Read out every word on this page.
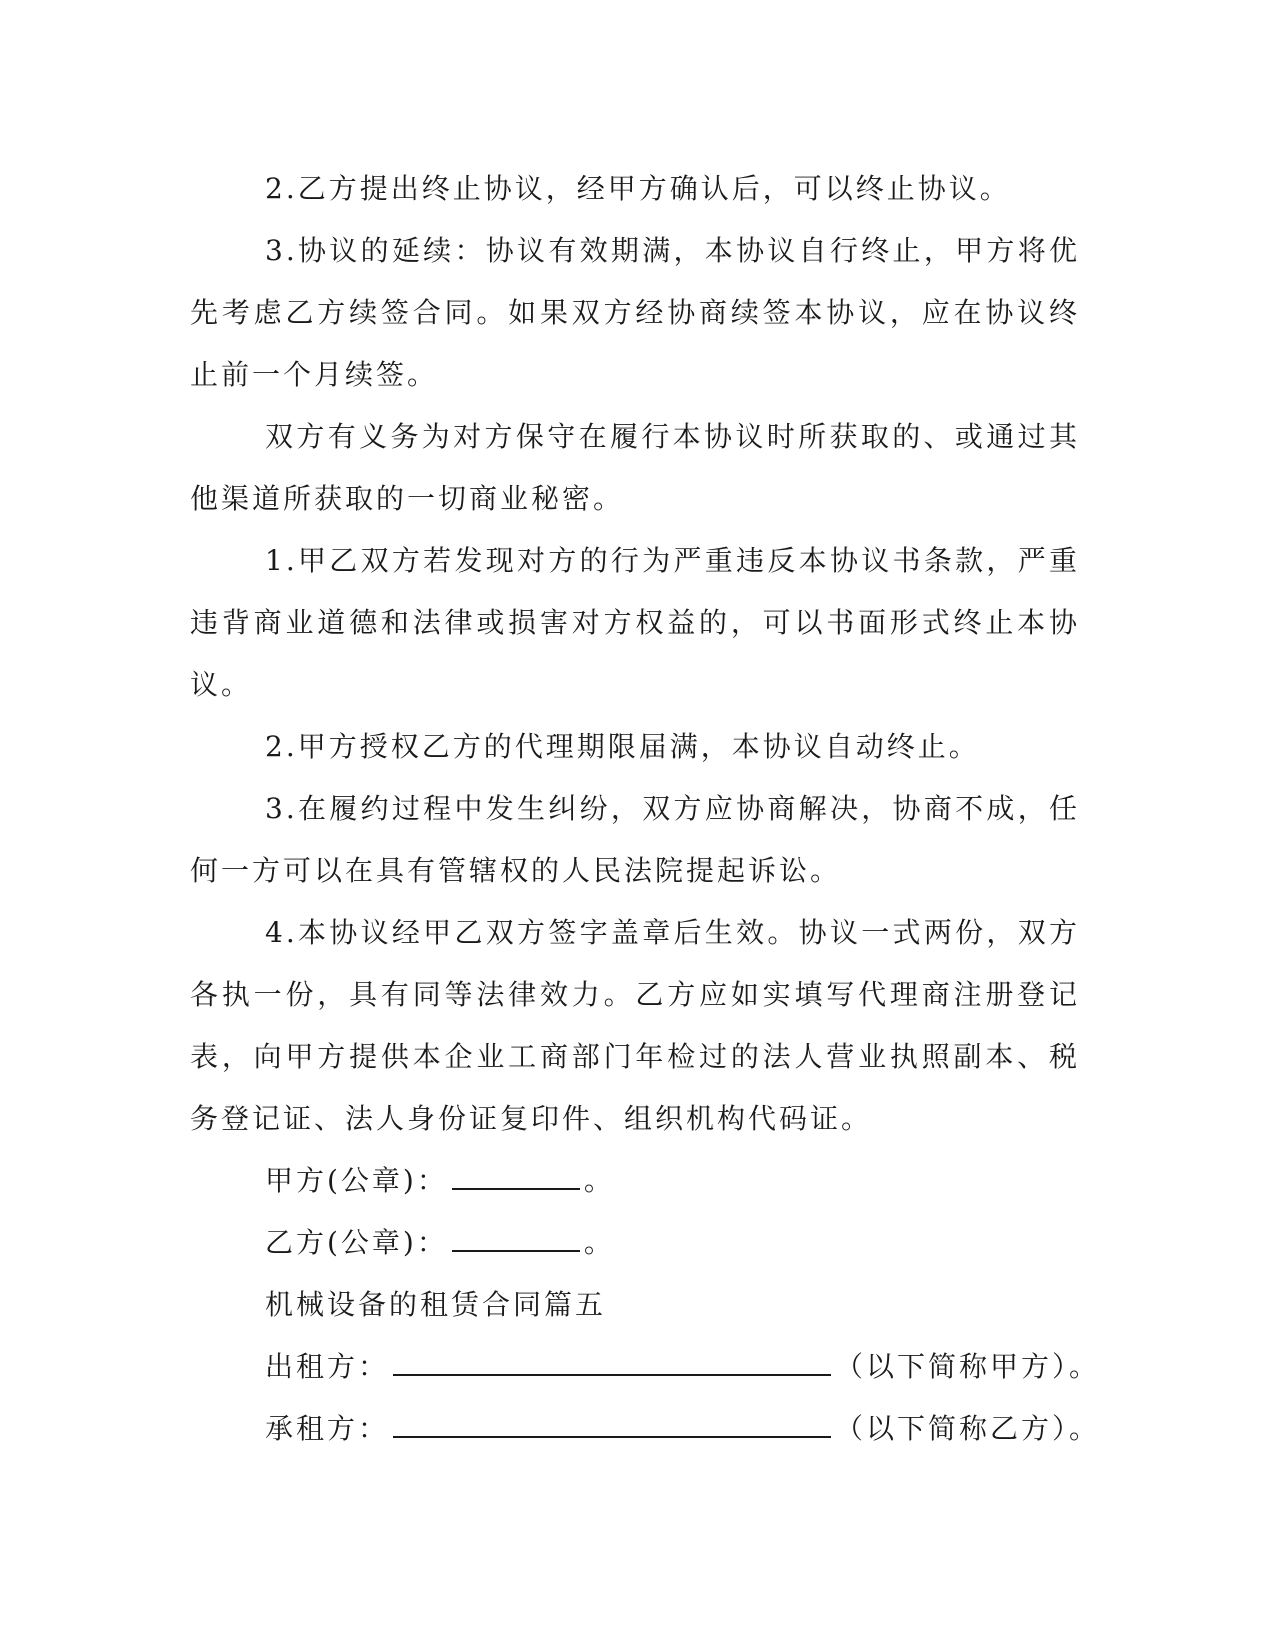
2.乙方提出终止协议，经甲方确认后，可以终止协议。

3.协议的延续：协议有效期满，本协议自行终止，甲方将优先考虑乙方续签合同。如果双方经协商续签本协议，应在协议终止前一个月续签。

双方有义务为对方保守在履行本协议时所获取的、或通过其他渠道所获取的一切商业秘密。

1.甲乙双方若发现对方的行为严重违反本协议书条款，严重违背商业道德和法律或损害对方权益的，可以书面形式终止本协议。

2.甲方授权乙方的代理期限届满，本协议自动终止。

3.在履约过程中发生纠纷，双方应协商解决，协商不成，任何一方可以在具有管辖权的人民法院提起诉讼。

4.本协议经甲乙双方签字盖章后生效。协议一式两份，双方各执一份，具有同等法律效力。乙方应如实填写代理商注册登记表，向甲方提供本企业工商部门年检过的法人营业执照副本、税务登记证、法人身份证复印件、组织机构代码证。

甲方(公章)：	。

乙方(公章)：	。

机械设备的租赁合同篇五

出租方：	（以下简称甲方）。

承租方：	（以下简称乙方）。
